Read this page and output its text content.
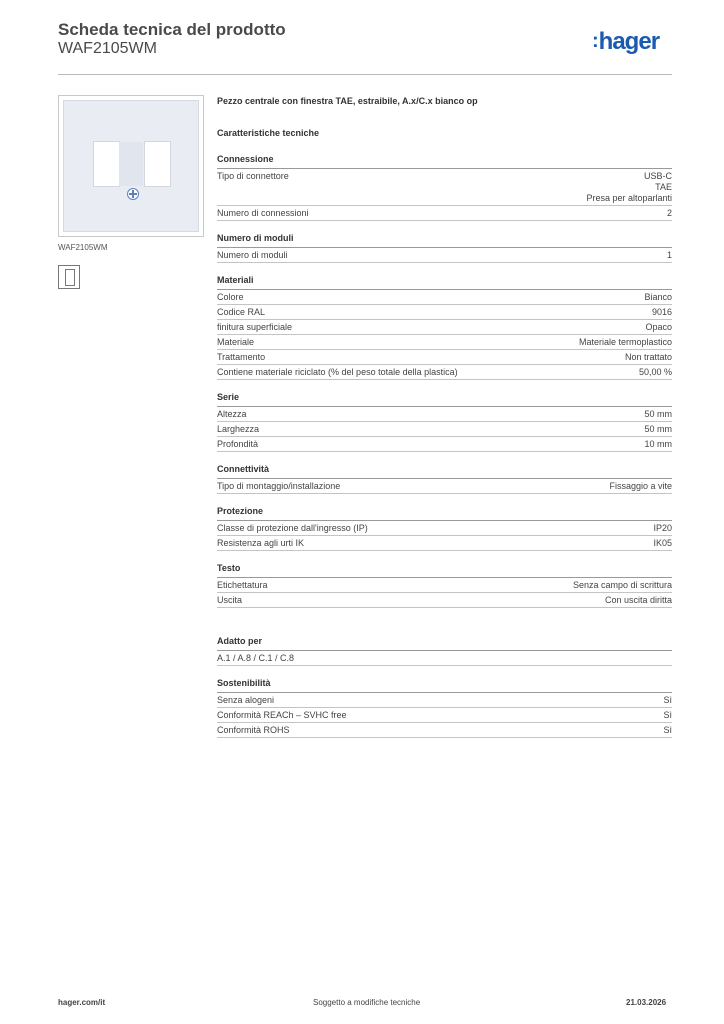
Scheda tecnica del prodotto
WAF2105WM	:hager
WAF2105WM
Pezzo centrale con finestra TAE, estraibile, A.x/C.x bianco op
Caratteristiche tecniche
Connessione
Tipo di connettore	USB-C
TAE
Presa per altoparlanti
Numero di connessioni	2
Numero di moduli
Numero di moduli	1
Materiali
Colore	Bianco
Codice RAL	9016
finitura superficiale	Opaco
Materiale	Materiale termoplastico
Trattamento	Non trattato
Contiene materiale riciclato (% del peso totale della plastica)	50,00 %
Serie
Altezza	50 mm
Larghezza	50 mm
Profondità	10 mm
Connettività
Tipo di montaggio/installazione	Fissaggio a vite
Protezione
Classe di protezione dall'ingresso (IP)	IP20
Resistenza agli urti IK	IK05
Testo
Etichettatura	Senza campo di scrittura
Uscita	Con uscita diritta
Adatto per
A.1 / A.8 / C.1 / C.8
Sostenibilità
Senza alogeni	Sì
Conformità REACh – SVHC free	Sì
Conformità ROHS	Sì
hager.com/it	Soggetto a modifiche tecniche	21.03.2026
